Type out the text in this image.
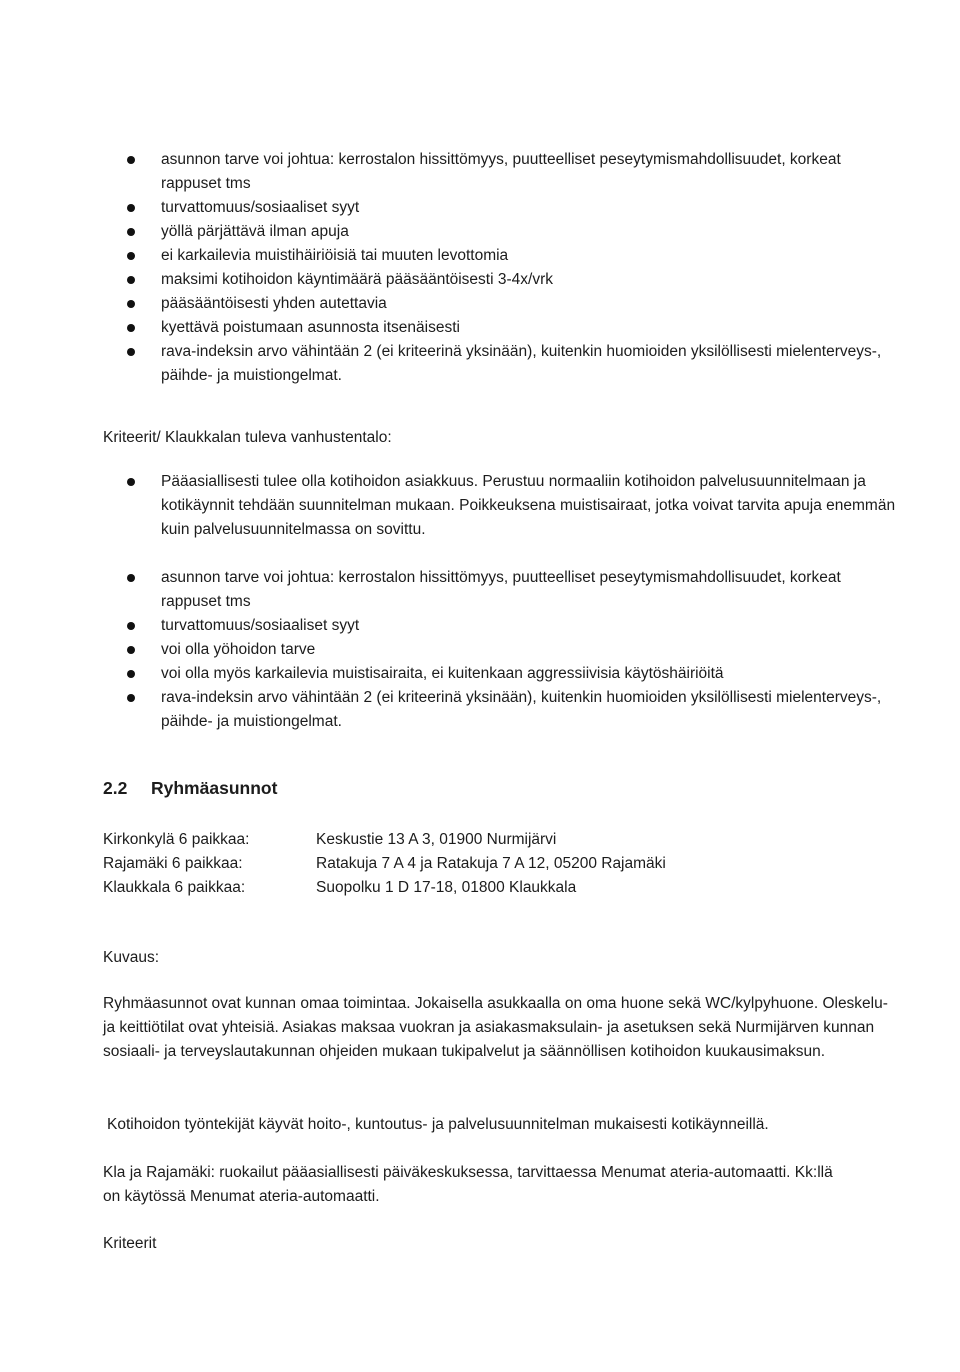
asunnon tarve voi johtua: kerrostalon hissittömyys, puutteelliset peseytymismahdollisuudet, korkeat rappuset tms
turvattomuus/sosiaaliset syyt
yöllä pärjättävä ilman apuja
ei karkailevia muistihäiriöisiä tai muuten levottomia
maksimi kotihoidon käyntimäärä pääsääntöisesti 3-4x/vrk
pääsääntöisesti yhden autettavia
kyettävä poistumaan asunnosta itsenäisesti
rava-indeksin arvo vähintään 2 (ei kriteerinä yksinään), kuitenkin huomioiden yksilöllisesti mielenterveys-, päihde- ja muistiongelmat.
Kriteerit/ Klaukkalan tuleva vanhustentalo:
Pääasiallisesti tulee olla kotihoidon asiakkuus. Perustuu normaaliin kotihoidon palvelusuunnitelmaan ja kotikäynnit tehdään suunnitelman mukaan. Poikkeuksena muistisairaat, jotka voivat tarvita apuja enemmän kuin palvelusuunnitelmassa on sovittu.
asunnon tarve voi johtua: kerrostalon hissittömyys, puutteelliset peseytymismahdollisuudet, korkeat rappuset tms
turvattomuus/sosiaaliset syyt
voi olla yöhoidon tarve
voi olla myös karkailevia muistisairaita, ei kuitenkaan aggressiivisia käytöshäiriöitä
rava-indeksin arvo vähintään 2 (ei kriteerinä yksinään), kuitenkin huomioiden yksilöllisesti mielenterveys-, päihde- ja muistiongelmat.
2.2 Ryhmäasunnot
Kirkonkylä 6 paikkaa:	Keskustie 13 A 3, 01900 Nurmijärvi
Rajamäki 6 paikkaa:	Ratakuja 7 A 4 ja Ratakuja 7 A 12, 05200 Rajamäki
Klaukkala 6 paikkaa:	Suopolku 1 D 17-18, 01800 Klaukkala
Kuvaus:

Ryhmäasunnot ovat kunnan omaa toimintaa. Jokaisella asukkaalla on oma huone sekä WC/kylpyhuone. Oleskelu- ja keittiötilat ovat yhteisiä. Asiakas maksaa vuokran ja asiakasmaksulain- ja asetuksen sekä Nurmijärven kunnan sosiaali- ja terveyslautakunnan ohjeiden mukaan tukipalvelut ja säännöllisen kotihoidon kuukausimaksun.

Kotihoidon työntekijät käyvät hoito-, kuntoutus- ja palvelusuunnitelman mukaisesti kotikäynneillä.

Kla ja Rajamäki: ruokailut pääasiallisesti päiväkeskuksessa, tarvittaessa Menumat ateria-automaatti. Kk:llä on käytössä Menumat ateria-automaatti.

Kriteerit
